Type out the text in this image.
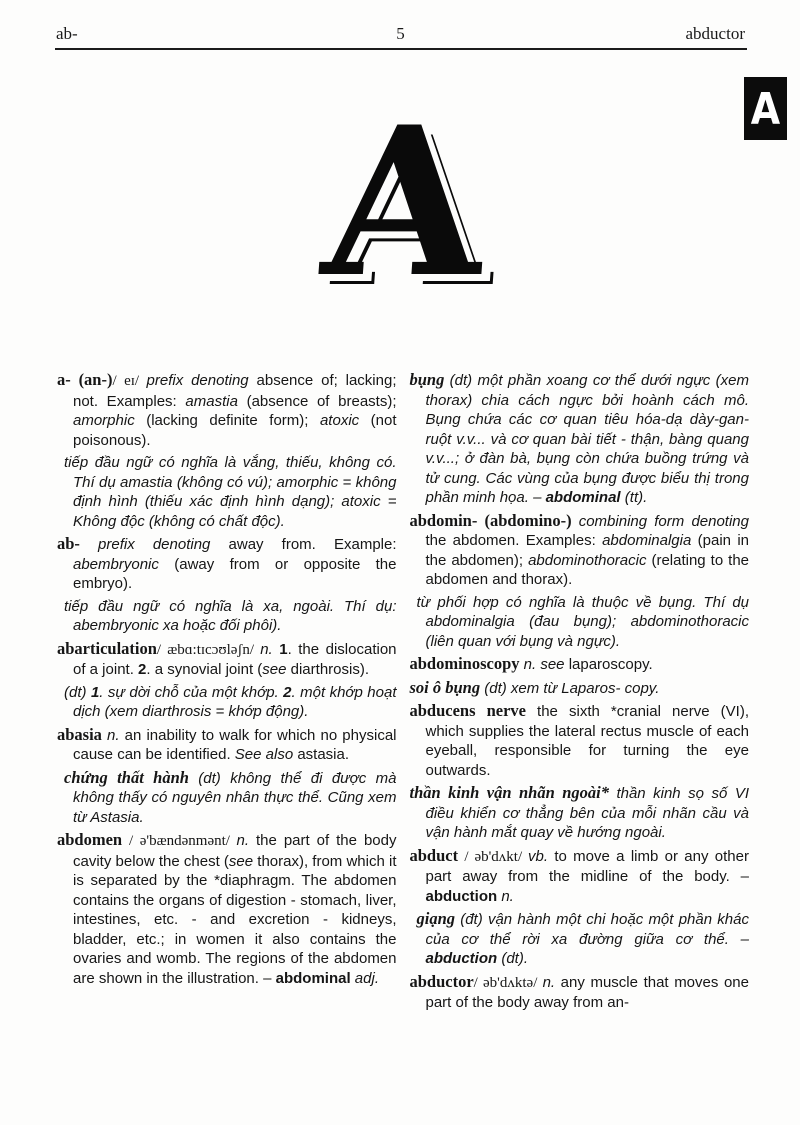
ab-	5	abductor
A
A

a- (an-)/ eɪ/ prefix denoting absence of; lacking; not. Examples: amastia (absence of breasts); amorphic (lacking definite form); atoxic (not poisonous).

tiếp đầu ngữ có nghĩa là vắng, thiếu, không có. Thí dụ amastia (không có vú); amorphic = không định hình (thiếu xác định hình dạng); atoxic = Không độc (không có chất độc).

ab- prefix denoting away from. Example: abembryonic (away from or opposite the embryo).

tiếp đầu ngữ có nghĩa là xa, ngoài. Thí dụ: abembryonic xa hoặc đối phôi).

abarticulation/ æbɑ:tɪcɔʊləʃn/ n. 1. the dislocation of a joint. 2. a synovial joint (see diarthrosis).

(dt) 1. sự dời chỗ của một khớp. 2. một khớp hoạt dịch (xem diarthrosis = khớp động).

abasia n. an inability to walk for which no physical cause can be identified. See also astasia.

chứng thất hành (dt) không thể đi được mà không thấy có nguyên nhân thực thể. Cũng xem từ Astasia.

abdomen / ə'bændənmənt/ n. the part of the body cavity below the chest (see thorax), from which it is separated by the *diaphragm. The abdomen contains the organs of digestion - stomach, liver, intestines, etc. - and excretion - kidneys, bladder, etc.; in women it also contains the ovaries and womb. The regions of the abdomen are shown in the illustration. – abdominal adj.

bụng (dt) một phần xoang cơ thể dưới ngực (xem thorax) chia cách ngực bởi hoành cách mô. Bụng chứa các cơ quan tiêu hóa-dạ dày-gan-ruột v.v... và cơ quan bài tiết - thận, bàng quang v.v...; ở đàn bà, bụng còn chứa buồng trứng và tử cung. Các vùng của bụng được biểu thị trong phần minh họa. – abdominal (tt).

abdomin- (abdomino-) combining form denoting the abdomen. Examples: abdominalgia (pain in the abdomen); abdominothoracic (relating to the abdomen and thorax).

từ phối hợp có nghĩa là thuộc về bụng. Thí dụ abdominalgia (đau bụng); abdominothoracic (liên quan với bụng và ngực).

abdominoscopy n. see laparoscopy.

soi ô bụng (dt) xem từ Laparos- copy.

abducens nerve the sixth *cranial nerve (VI), which supplies the lateral rectus muscle of each eyeball, responsible for turning the eye outwards.

thần kinh vận nhãn ngoài* thần kinh sọ số VI điều khiển cơ thẳng bên của mỗi nhãn cầu và vận hành mắt quay về hướng ngoài.

abduct / əb'dʌkt/ vb. to move a limb or any other part away from the midline of the body. – abduction n.

giạng (đt) vận hành một chi hoặc một phần khác của cơ thể rời xa đường giữa cơ thể. – abduction (dt).

abductor/ əb'dʌktə/ n. any muscle that moves one part of the body away from an-
